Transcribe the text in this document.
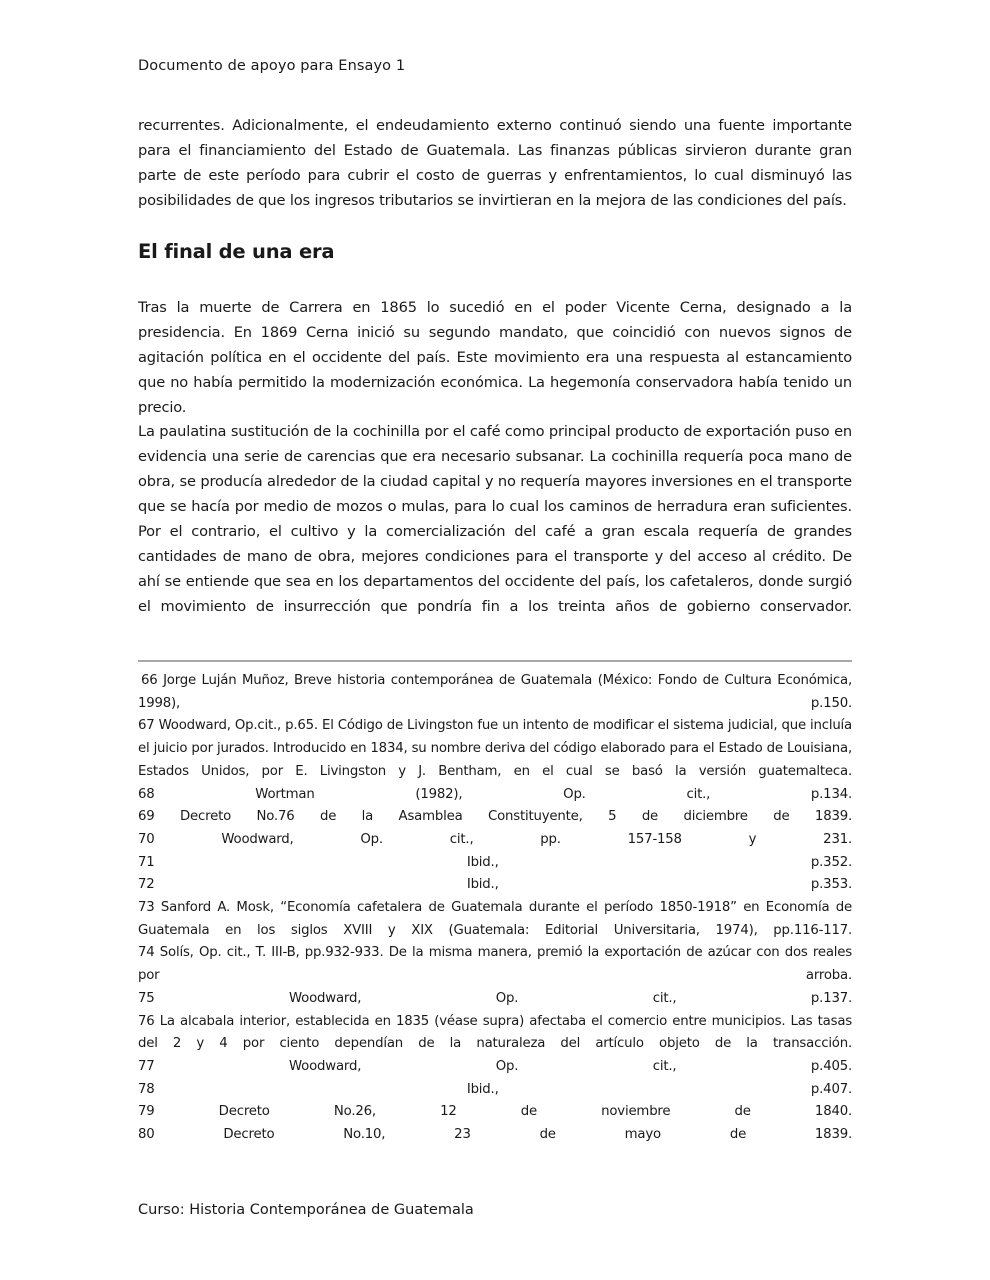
Documento de apoyo para Ensayo 1

recurrentes. Adicionalmente, el endeudamiento externo continuó siendo una fuente importante para el financiamiento del Estado de Guatemala. Las finanzas públicas sirvieron durante gran parte de este período para cubrir el costo de guerras y enfrentamientos, lo cual disminuyó las posibilidades de que los ingresos tributarios se invirtieran en la mejora de las condiciones del país.

El final de una era

Tras la muerte de Carrera en 1865 lo sucedió en el poder Vicente Cerna, designado a la presidencia. En 1869 Cerna inició su segundo mandato, que coincidió con nuevos signos de agitación política en el occidente del país. Este movimiento era una respuesta al estancamiento que no había permitido la modernización económica. La hegemonía conservadora había tenido un precio.

La paulatina sustitución de la cochinilla por el café como principal producto de exportación puso en evidencia una serie de carencias que era necesario subsanar. La cochinilla requería poca mano de obra, se producía alrededor de la ciudad capital y no requería mayores inversiones en el transporte que se hacía por medio de mozos o mulas, para lo cual los caminos de herradura eran suficientes. Por el contrario, el cultivo y la comercialización del café a gran escala requería de grandes cantidades de mano de obra, mejores condiciones para el transporte y del acceso al crédito. De ahí se entiende que sea en los departamentos del occidente del país, los cafetaleros, donde surgió el movimiento de insurrección que pondría fin a los treinta años de gobierno conservador.

66 Jorge Luján Muñoz, Breve historia contemporánea de Guatemala (México: Fondo de Cultura Económica, 1998), p.150.

67 Woodward, Op.cit., p.65. El Código de Livingston fue un intento de modificar el sistema judicial, que incluía el juicio por jurados. Introducido en 1834, su nombre deriva del código elaborado para el Estado de Louisiana, Estados Unidos, por E. Livingston y J. Bentham, en el cual se basó la versión guatemalteca.

68 Wortman (1982), Op. cit., p.134.

69 Decreto No.76 de la Asamblea Constituyente, 5 de diciembre de 1839.

70 Woodward, Op. cit., pp. 157-158 y 231.

71 Ibid., p.352.

72 Ibid., p.353.

73 Sanford A. Mosk, “Economía cafetalera de Guatemala durante el período 1850-1918” en Economía de Guatemala en los siglos XVIII y XIX (Guatemala: Editorial Universitaria, 1974), pp.116-117.

74 Solís, Op. cit., T. III-B, pp.932-933. De la misma manera, premió la exportación de azúcar con dos reales por arroba.

75 Woodward, Op. cit., p.137.

76 La alcabala interior, establecida en 1835 (véase supra) afectaba el comercio entre municipios. Las tasas del 2 y 4 por ciento dependían de la naturaleza del artículo objeto de la transacción.

77 Woodward, Op. cit., p.405.

78 Ibid., p.407.

79 Decreto No.26, 12 de noviembre de 1840.

80 Decreto No.10, 23 de mayo de 1839.

Curso: Historia Contemporánea de Guatemala
